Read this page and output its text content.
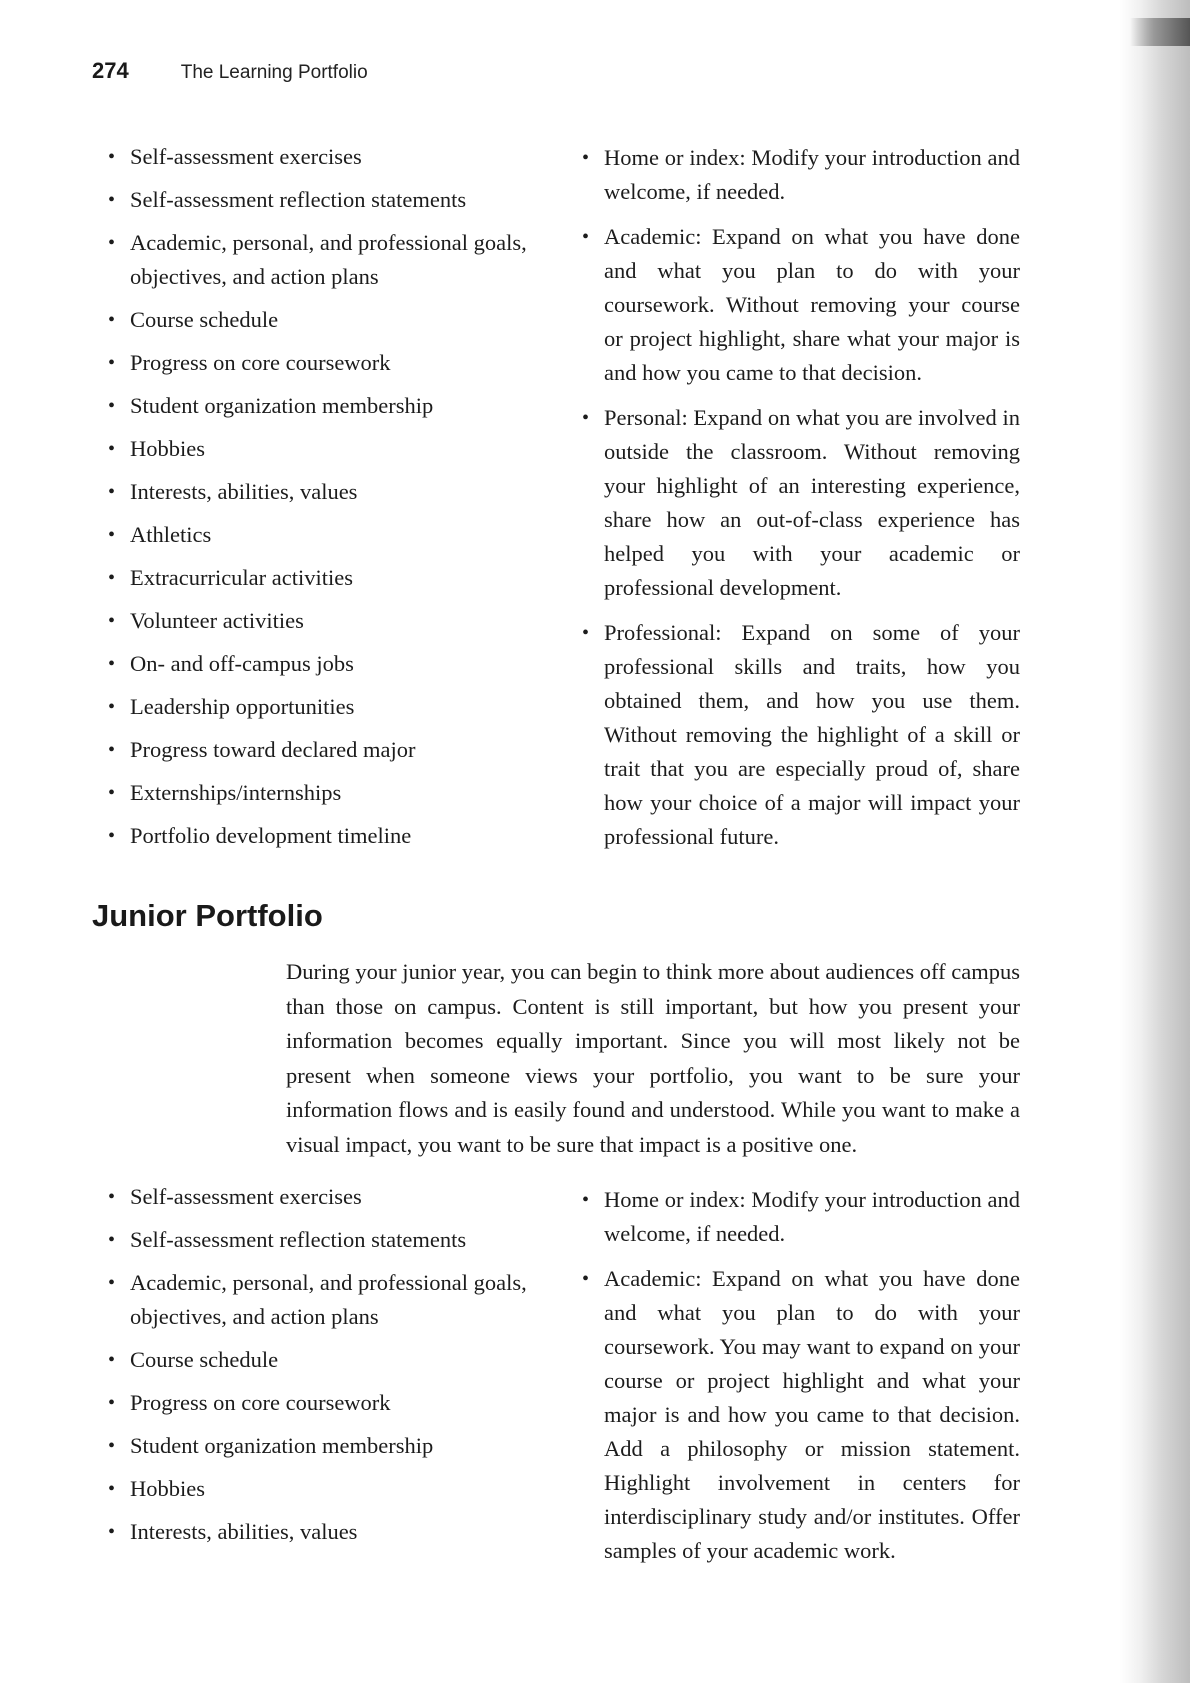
274	The Learning Portfolio
• Self-assessment exercises
• Self-assessment reflection statements
• Academic, personal, and professional goals, objectives, and action plans
• Course schedule
• Progress on core coursework
• Student organization membership
• Hobbies
• Interests, abilities, values
• Athletics
• Extracurricular activities
• Volunteer activities
• On- and off-campus jobs
• Leadership opportunities
• Progress toward declared major
• Externships/internships
• Portfolio development timeline
• Home or index: Modify your introduction and welcome, if needed.
• Academic: Expand on what you have done and what you plan to do with your coursework. Without removing your course or project highlight, share what your major is and how you came to that decision.
• Personal: Expand on what you are involved in outside the classroom. Without removing your highlight of an interesting experience, share how an out-of-class experience has helped you with your academic or professional development.
• Professional: Expand on some of your professional skills and traits, how you obtained them, and how you use them. Without removing the highlight of a skill or trait that you are especially proud of, share how your choice of a major will impact your professional future.
Junior Portfolio

During your junior year, you can begin to think more about audiences off campus than those on campus. Content is still important, but how you present your information becomes equally important. Since you will most likely not be present when someone views your portfolio, you want to be sure your information flows and is easily found and understood. While you want to make a visual impact, you want to be sure that impact is a positive one.

• Self-assessment exercises
• Self-assessment reflection statements
• Academic, personal, and professional goals, objectives, and action plans
• Course schedule
• Progress on core coursework
• Student organization membership
• Hobbies
• Interests, abilities, values
• Home or index: Modify your introduction and welcome, if needed.
• Academic: Expand on what you have done and what you plan to do with your coursework. You may want to expand on your course or project highlight and what your major is and how you came to that decision. Add a philosophy or mission statement. Highlight involvement in centers for interdisciplinary study and/or institutes. Offer samples of your academic work.
